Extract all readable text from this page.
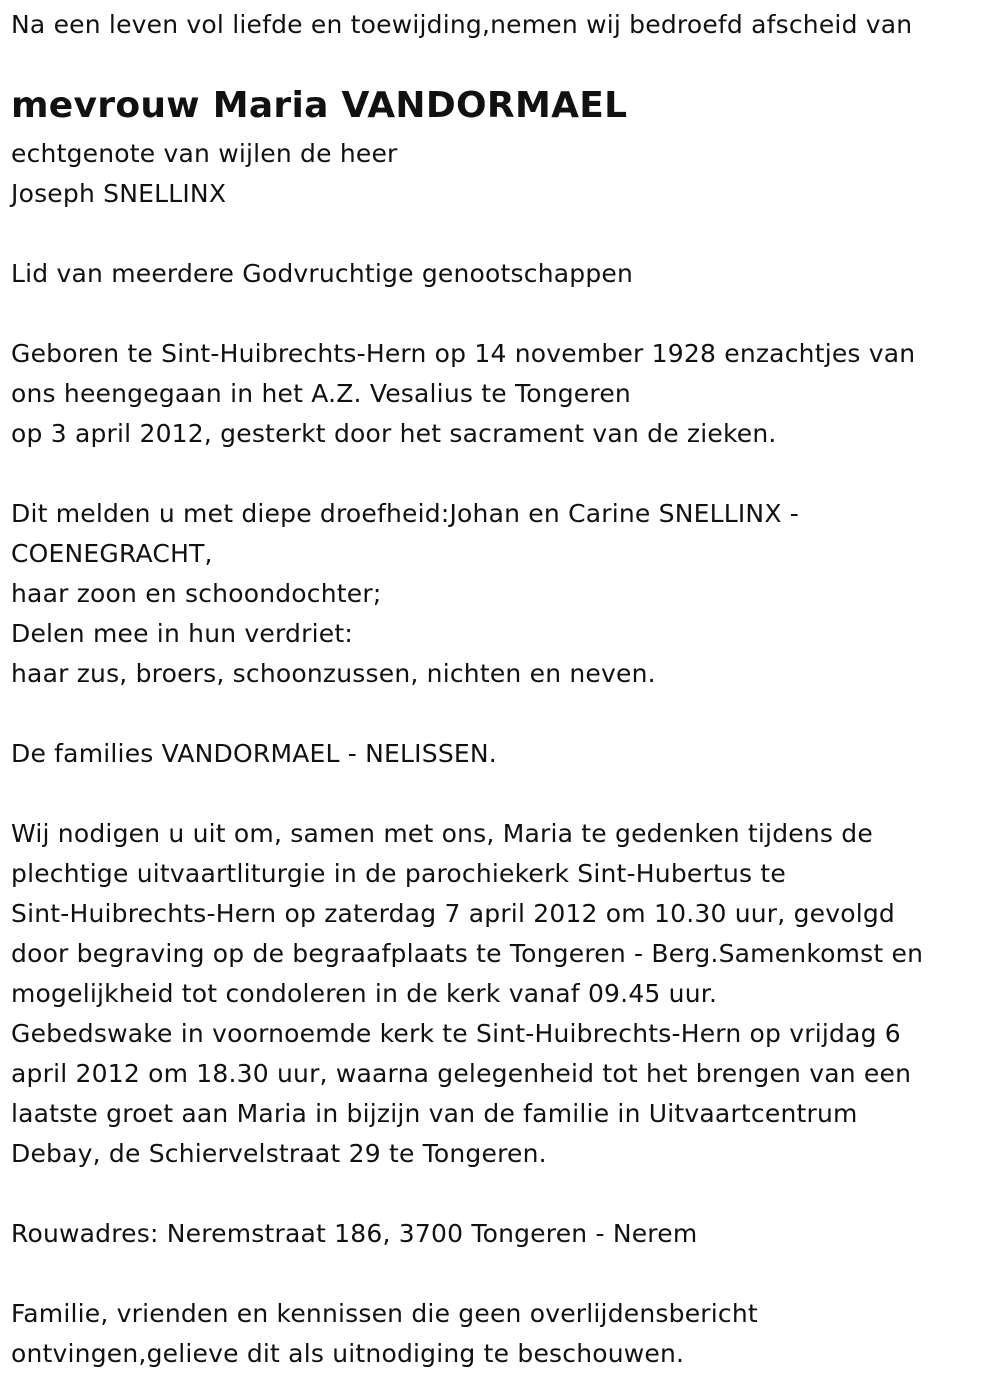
Na een leven vol liefde en toewijding,nemen wij bedroefd afscheid van
mevrouw Maria VANDORMAEL
echtgenote van wijlen de heer
Joseph SNELLINX
Lid van meerdere Godvruchtige genootschappen
Geboren te Sint-Huibrechts-Hern op 14 november 1928 enzachtjes van
ons heengegaan in het A.Z. Vesalius te Tongeren
op 3 april 2012, gesterkt door het sacrament van de zieken.
Dit melden u met diepe droefheid:Johan en Carine SNELLINX -
COENEGRACHT,
haar zoon en schoondochter;
Delen mee in hun verdriet:
haar zus, broers, schoonzussen, nichten en neven.
De families VANDORMAEL - NELISSEN.
Wij nodigen u uit om, samen met ons, Maria te gedenken tijdens de
plechtige uitvaartliturgie in de parochiekerk Sint-Hubertus te
Sint-Huibrechts-Hern op zaterdag 7 april 2012 om 10.30 uur, gevolgd
door begraving op de begraafplaats te Tongeren - Berg.Samenkomst en
mogelijkheid tot condoleren in de kerk vanaf 09.45 uur.
Gebedswake in voornoemde kerk te Sint-Huibrechts-Hern op vrijdag 6
april 2012 om 18.30 uur, waarna gelegenheid tot het brengen van een
laatste groet aan Maria in bijzijn van de familie in Uitvaartcentrum
Debay, de Schiervelstraat 29 te Tongeren.
Rouwadres: Neremstraat 186, 3700 Tongeren - Nerem
Familie, vrienden en kennissen die geen overlijdensbericht
ontvingen,gelieve dit als uitnodiging te beschouwen.
